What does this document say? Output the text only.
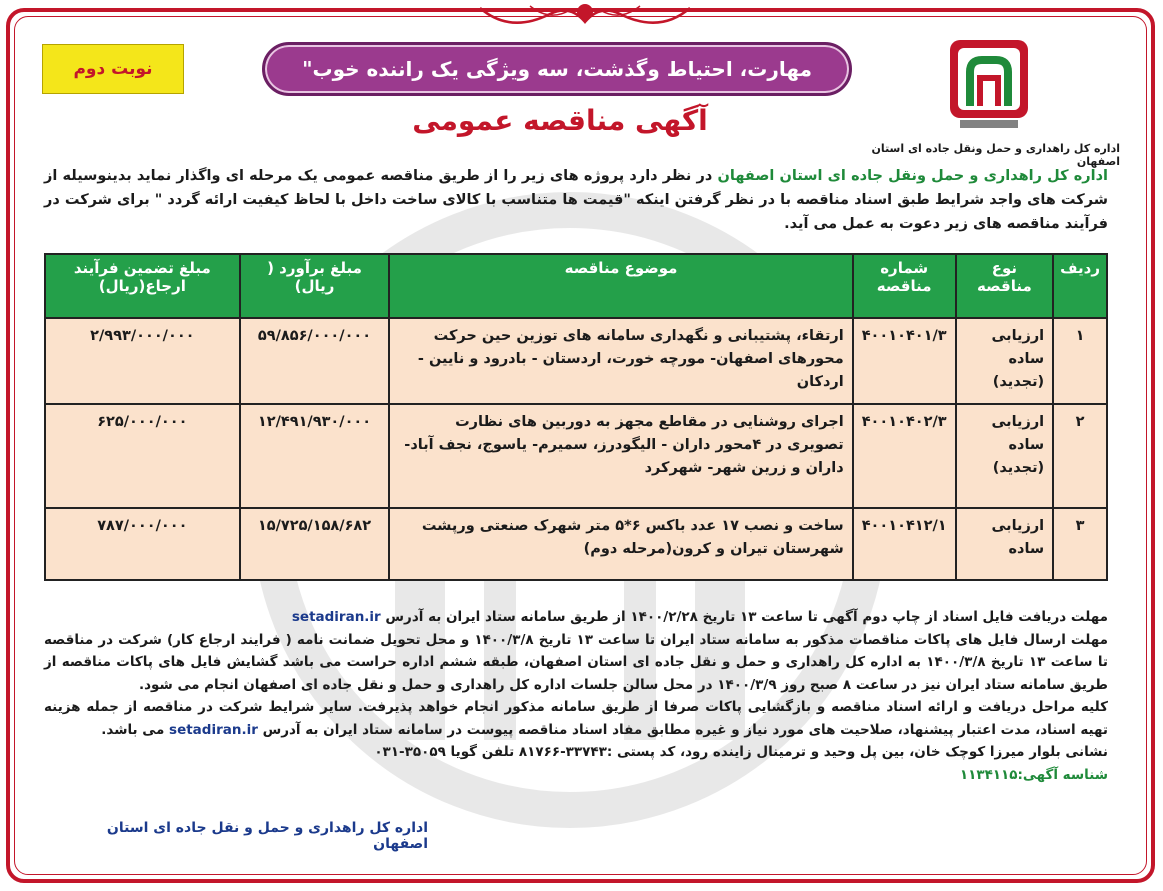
نوبت دوم	مهارت، احتیاط وگذشت، سه ویژگی یک راننده خوب"
آگهی مناقصه عمومی
اداره کل راهداری و حمل ونقل جاده ای استان اصفهان
اداره کل راهداری و حمل ونقل جاده ای استان اصفهان در نظر دارد پروژه های زیر را از طریق مناقصه عمومی یک مرحله ای واگذار نماید بدینوسیله از شرکت های واجد شرایط طبق اسناد مناقصه با در نظر گرفتن اینکه "قیمت ها متناسب با کالای ساخت داخل با لحاظ کیفیت ارائه گردد " برای شرکت در فرآیند مناقصه های زیر دعوت به عمل می آید.
ردیف	نوع مناقصه	شماره مناقصه	موضوع مناقصه	مبلغ برآورد ( ریال)	مبلغ تضمین فرآیند ارجاع(ریال)
۱	ارزیابی ساده (تجدید)	۴۰۰۱۰۴۰۱/۳	ارتقاء، پشتیبانی و نگهداری سامانه های توزین حین حرکت محورهای اصفهان- مورچه خورت، اردستان - بادرود و نایین - اردکان	۵۹/۸۵۶/۰۰۰/۰۰۰	۲/۹۹۳/۰۰۰/۰۰۰
۲	ارزیابی ساده (تجدید)	۴۰۰۱۰۴۰۲/۳	اجرای روشنایی در مقاطع مجهز به دوربین های نظارت تصویری در ۴محور داران - الیگودرز، سمیرم- یاسوج، نجف آباد- داران و زرین شهر- شهرکرد	۱۲/۴۹۱/۹۳۰/۰۰۰	۶۲۵/۰۰۰/۰۰۰
۳	ارزیابی ساده	۴۰۰۱۰۴۱۲/۱	ساخت و نصب ۱۷ عدد باکس ۶*۵ متر شهرک صنعتی ورپشت شهرستان تیران و کرون(مرحله دوم)	۱۵/۷۲۵/۱۵۸/۶۸۲	۷۸۷/۰۰۰/۰۰۰

مهلت دریافت فایل اسناد از چاپ دوم آگهی تا ساعت ۱۳ تاریخ ۱۴۰۰/۲/۲۸ از طریق سامانه ستاد ایران به آدرس setadiran.ir

مهلت ارسال فایل های پاکات مناقصات مذکور به سامانه ستاد ایران تا ساعت ۱۳ تاریخ ۱۴۰۰/۳/۸ و محل تحویل ضمانت نامه ( فرایند ارجاع کار) شرکت در مناقصه تا ساعت ۱۳ تاریخ ۱۴۰۰/۳/۸ به اداره کل راهداری و حمل و نقل جاده ای استان اصفهان، طبقه ششم اداره حراست می باشد گشایش فایل های پاکات مناقصه از طریق سامانه ستاد ایران نیز در ساعت ۸ صبح روز ۱۴۰۰/۳/۹ در محل سالن جلسات اداره کل راهداری و حمل و نقل جاده ای اصفهان انجام می شود.

کلیه مراحل دریافت و ارائه اسناد مناقصه و بازگشایی پاکات صرفا از طریق سامانه مذکور انجام خواهد پذیرفت. سایر شرایط شرکت در مناقصه از جمله هزینه تهیه اسناد، مدت اعتبار پیشنهاد، صلاحیت های مورد نیاز و غیره مطابق مفاد اسناد مناقصه پیوست در سامانه ستاد ایران به آدرس setadiran.ir می باشد.

نشانی بلوار میرزا کوچک خان، بین پل وحید و ترمینال زاینده رود، کد پستی :۳۳۷۴۳-۸۱۷۶۶ تلفن گویا ۳۵۰۵۹-۰۳۱

شناسه آگهی:۱۱۳۴۱۱۵

اداره کل راهداری و حمل و نقل جاده ای استان اصفهان
